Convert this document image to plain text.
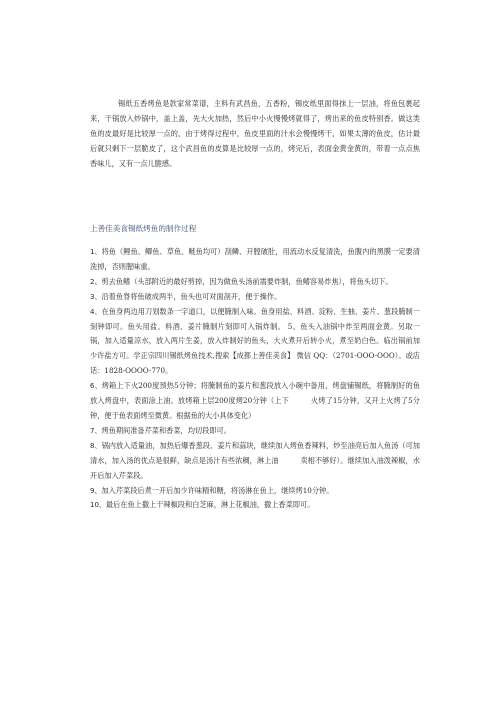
锡纸五香烤鱼是款家常菜谱，主料有武昌鱼，五香粉，锡皮纸里面得抹上一层油，将鱼包裹起来，干锅放入炒锅中，盖上盖，先大火加热，然后中小火慢慢烤就得了，烤出来的鱼皮特别香。做这类鱼的皮最好是比较厚一点的，由于烤得过程中，鱼皮里面的汁水会慢慢烤干，如果太薄的鱼皮，估计最后就只剩下一层脆皮了，这个武昌鱼的皮算是比较厚一点的，烤完后，表面金黄金黄的，带着一点点焦香味儿，又有一点儿脆感。

上善佳美食锡纸烤鱼的制作过程

1、将鱼（鲤鱼、鲫鱼、草鱼、鲢鱼均可）刮鳞、开膛破肚，用流动水反复清洗，鱼腹内的黑膜一定要清洗掉，否则腥味重。
2、剪去鱼鳍（头部附近的最好剪掉，因为做鱼头汤前需要炸制，鱼鳍容易炸焦），将鱼头切下。
3、沿着鱼脊将鱼破成两半，鱼头也可对面剖开，便于操作。
4、在鱼身两边用刀划数条一字道口，以便腌制入味。鱼身用盐、料酒、淀粉、生抽、姜片、葱段腌制一刻钟即可。鱼头用盐、料酒、姜片腌制片刻即可入锅炸制。 5、鱼头入油锅中炸至两面金黄。另取一锅，加入适量凉水，放入两片生姜，放入炸制好的鱼头，大火煮开后转小火，煮至奶白色。临出锅前加少许盐方可。学正宗四川锡纸烤鱼技术,搜索【成都上善佳美食】 微信 QQ：（2701-OOO-OOO）。或店话：1828-OOOO-770。
6、烤箱上下火200度预热5分钟；将腌制鱼的姜片和葱段放入小碗中备用，烤盘铺锡纸，将腌制好的鱼放入烤盘中，表面涂上油。放烤箱上层200度烤20分钟（上下　　　火烤了15分钟，又开上火烤了5分钟，便于鱼表面烤至微黄。根据鱼的大小具体变化）
7、烤鱼期间准备芹菜和香菜，均切段即可。
8、锅内放入适量油，加热后爆香葱段、姜片和蒜块，继续加入烤鱼香辣料，炒至油亮后加入鱼汤（可加清水，加入汤的优点是很鲜，缺点是汤汁有些浓稠，淋上油　　　卖相不够好）。继续加入油泼辣椒，水开后加入芹菜段。
9、加入芹菜段后煮一开后加少许味精和糖，将汤淋在鱼上，继续烤10分钟。
10、最后在鱼上撒上干辣椒段和白芝麻，淋上花椒油，撒上香菜即可。
